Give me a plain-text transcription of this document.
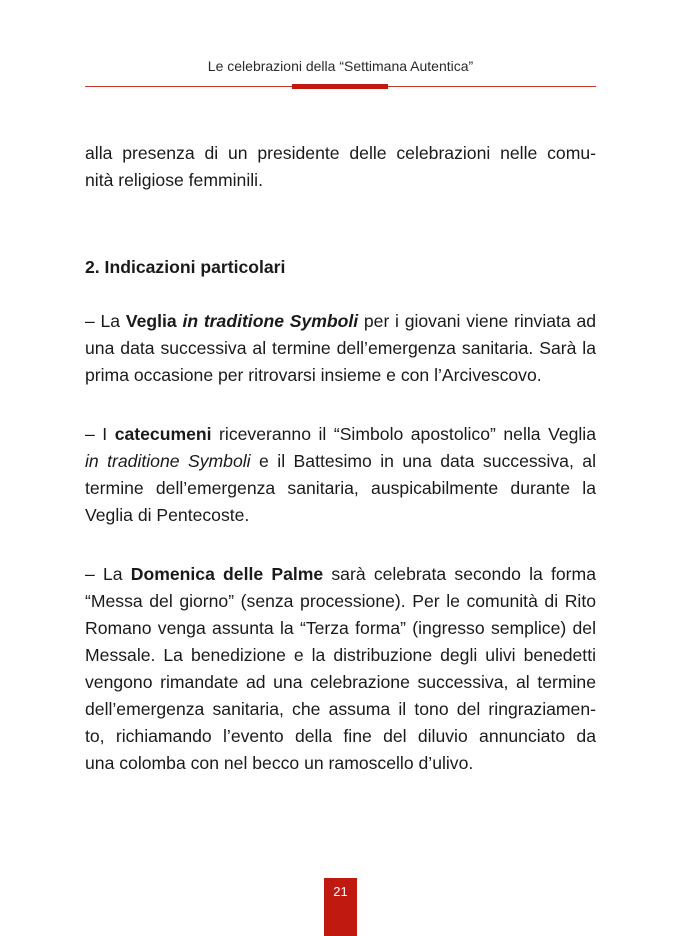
Le celebrazioni della “Settimana Autentica”
alla presenza di un presidente delle celebrazioni nelle comu-
nità religiose femminili.
2. Indicazioni particolari
– La Veglia in traditione Symboli per i giovani viene rinviata ad
una data successiva al termine dell’emergenza sanitaria. Sarà la
prima occasione per ritrovarsi insieme e con l’Arcivescovo.
– I catecumeni riceveranno il “Simbolo apostolico” nella Veglia
in traditione Symboli e il Battesimo in una data successiva, al
termine dell’emergenza sanitaria, auspicabilmente durante la
Veglia di Pentecoste.
– La Domenica delle Palme sarà celebrata secondo la forma
“Messa del giorno” (senza processione). Per le comunità di Rito
Romano venga assunta la “Terza forma” (ingresso semplice) del
Messale. La benedizione e la distribuzione degli ulivi benedetti
vengono rimandate ad una celebrazione successiva, al termine
dell’emergenza sanitaria, che assuma il tono del ringraziamen-
to, richiamando l’evento della fine del diluvio annunciato da
una colomba con nel becco un ramoscello d’ulivo.
21
